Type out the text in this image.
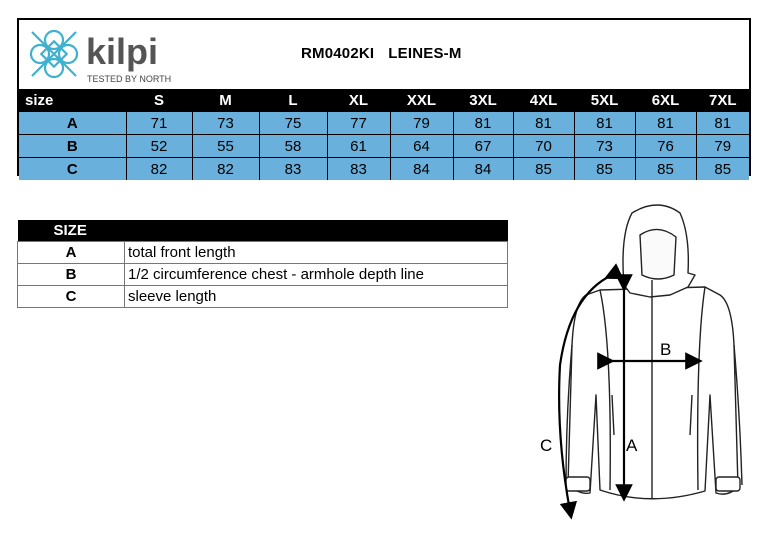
kilpi
TESTED BY NORTH
RM0402KI LEINES-M
size	S	M	L	XL	XXL	3XL	4XL	5XL	6XL	7XL
A	71	73	75	77	79	81	81	81	81	81
B	52	55	58	61	64	67	70	73	76	79
C	82	82	83	83	84	84	85	85	85	85
SIZE	
A	total front length
B	1/2 circumference chest - armhole depth line
C	sleeve length
A
B
C
